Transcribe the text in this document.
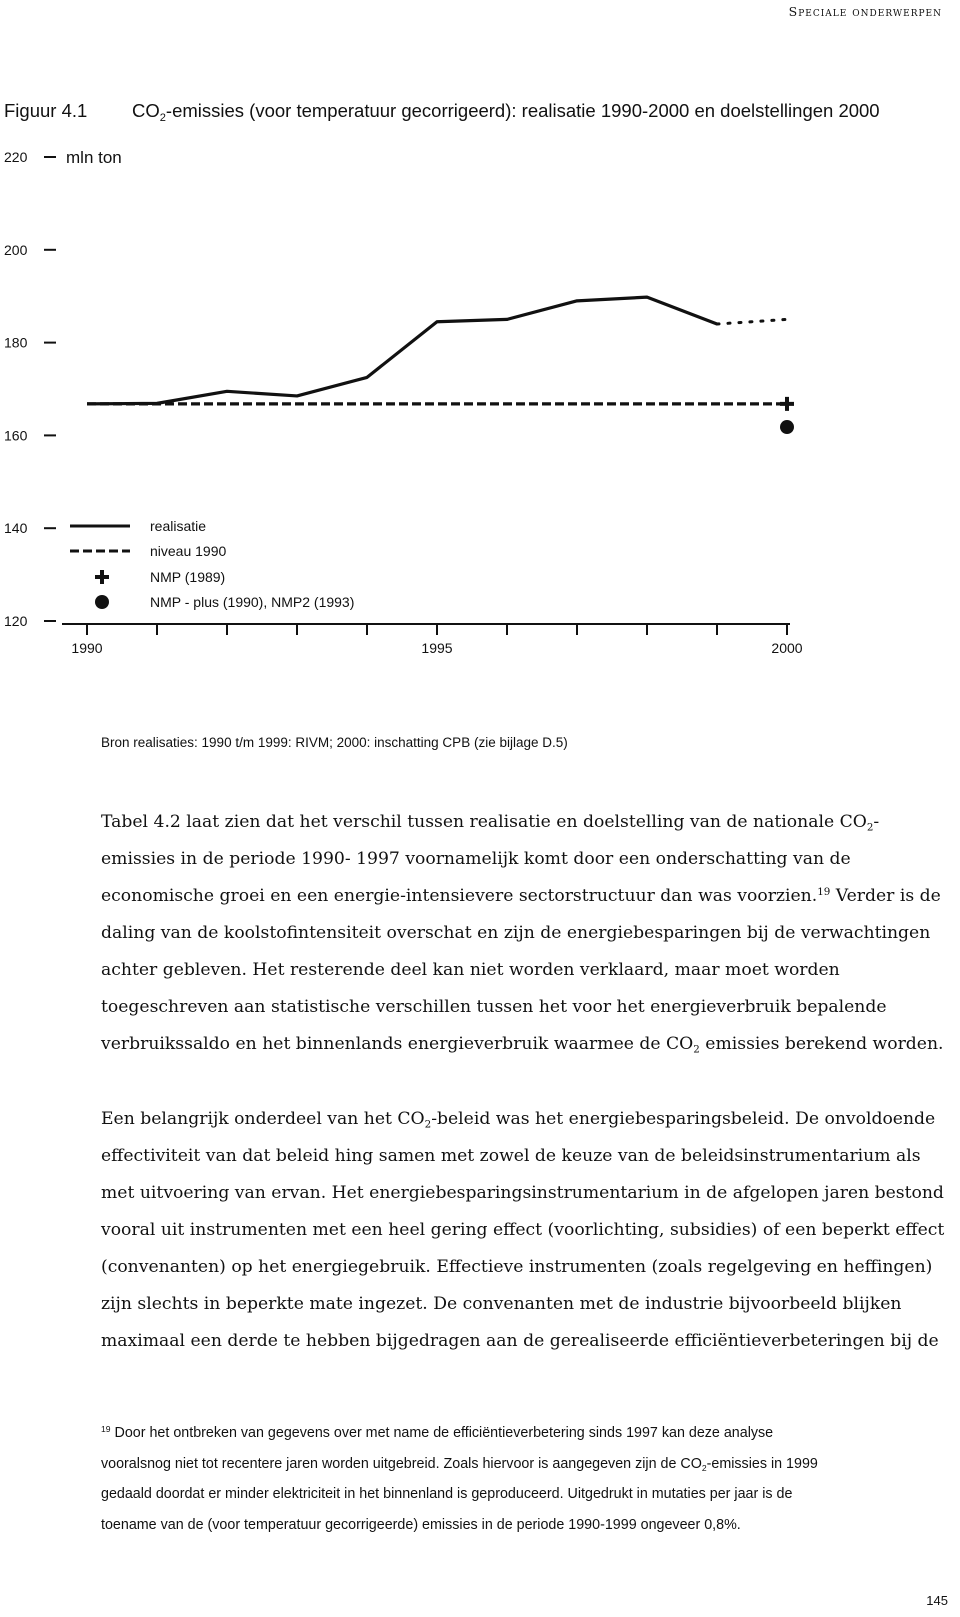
Speciale onderwerpen
Figuur 4.1 $CO_2$-emissies (voor temperatuur gecorrigeerd): realisatie 1990-2000 en doelstellingen 2000
220
200
180
160
140
120
1990	1995	2000
realisatie
niveau 1990
NMP (1989)
NMP - plus (1990), NMP2 (1993)
mln ton
Bron realisaties: 1990 t/m 1999: RIVM; 2000: inschatting CPB (zie bijlage D.5)

Tabel 4.2 laat zien dat het verschil tussen realisatie en doelstelling van de nationale $CO_2-$

emissies in de periode 1990- 1997 voornamelijk komt door een onderschatting van de

economische groei en een energie-intensievere sectorstructuur dan was voorzien.$^{19}$ Verder is de

daling van de koolstofintensiteit overschat en zijn de energiebesparingen bij de verwachtingen

achter gebleven. Het resterende deel kan niet worden verklaard, maar moet worden

toegeschreven aan statistische verschillen tussen het voor het energieverbruik bepalende

verbruikssaldo en het binnenlands energieverbruik waarmee de $CO_2$ emissies berekend worden.

Een belangrijk onderdeel van het $CO_2$-beleid was het energiebesparingsbeleid. De onvoldoende

effectiviteit van dat beleid hing samen met zowel de keuze van de beleidsinstrumentarium als

met uitvoering van ervan. Het energiebesparingsinstrumentarium in de afgelopen jaren bestond

vooral uit instrumenten met een heel gering effect (voorlichting, subsidies) of een beperkt effect

(convenanten) op het energiegebruik. Effectieve instrumenten (zoals regelgeving en heffingen)

zijn slechts in beperkte mate ingezet. De convenanten met de industrie bijvoorbeeld blijken

maximaal een derde te hebben bijgedragen aan de gerealiseerde efficiëntieverbeteringen bij de

$^{19}$ Door het ontbreken van gegevens over met name de efficiëntieverbetering sinds 1997 kan deze analyse

vooralsnog niet tot recentere jaren worden uitgebreid. Zoals hiervoor is aangegeven zijn de $CO_2$-emissies in 1999

gedaald doordat er minder elektriciteit in het binnenland is geproduceerd. Uitgedrukt in mutaties per jaar is de

toename van de (voor temperatuur gecorrigeerde) emissies in de periode 1990-1999 ongeveer 0,8%.

145
